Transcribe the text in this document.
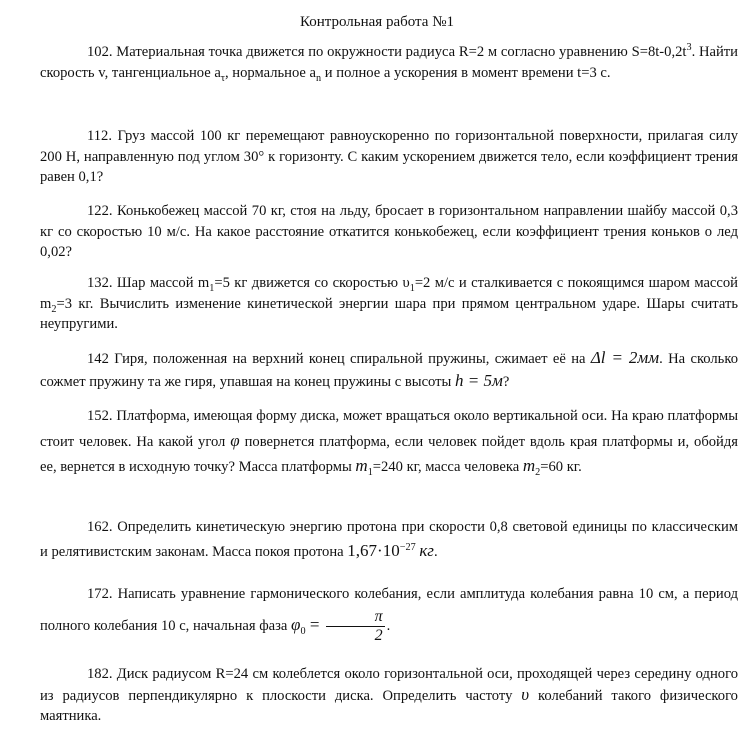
Контрольная работа №1
102. Материальная точка движется по окружности радиуса R=2 м согласно уравнению $S=8t-0,2t^3$. Найти скорость v, тангенциальное $a_\tau$, нормальное $a_n$ и полное a ускорения в момент времени t=3 с.
112. Груз массой 100 кг перемещают равноускоренно по горизонтальной поверхности, прилагая силу 200 Н, направленную под углом 30° к горизонту. С каким ускорением движется тело, если коэффициент трения равен 0,1?
122. Конькобежец массой 70 кг, стоя на льду, бросает в горизонтальном направлении шайбу массой 0,3 кг со скоростью 10 м/с. На какое расстояние откатится конькобежец, если коэффициент трения коньков о лед 0,02?
132. Шар массой $m_1=5$ кг движется со скоростью $\upsilon_1=2$ м/с и сталкивается с покоящимся шаром массой $m_2=3$ кг. Вычислить изменение кинетической энергии шара при прямом центральном ударе. Шары считать неупругими.
142 Гиря, положенная на верхний конец спиральной пружины, сжимает её на Δl = 2мм. На сколько сожмет пружину та же гиря, упавшая на конец пружины с высоты h = 5м?
152. Платформа, имеющая форму диска, может вращаться около вертикальной оси. На краю платформы стоит человек. На какой угол φ повернется платформа, если человек пойдет вдоль края платформы и, обойдя ее, вернется в исходную точку? Масса платформы $m_1=240$ кг, масса человека $m_2=60$ кг.
162. Определить кинетическую энергию протона при скорости 0,8 световой единицы по классическим и релятивистским законам. Масса покоя протона $1,67\cdot 10^{-27}$ кг.
172. Написать уравнение гармонического колебания, если амплитуда колебания равна 10 см, а период полного колебания 10 с, начальная фаза $\varphi_0 = \frac{\pi}{2}$ .
182. Диск радиусом R=24 см колеблется около горизонтальной оси, проходящей через середину одного из радиусов перпендикулярно к плоскости диска. Определить частоту υ колебаний такого физического маятника.
